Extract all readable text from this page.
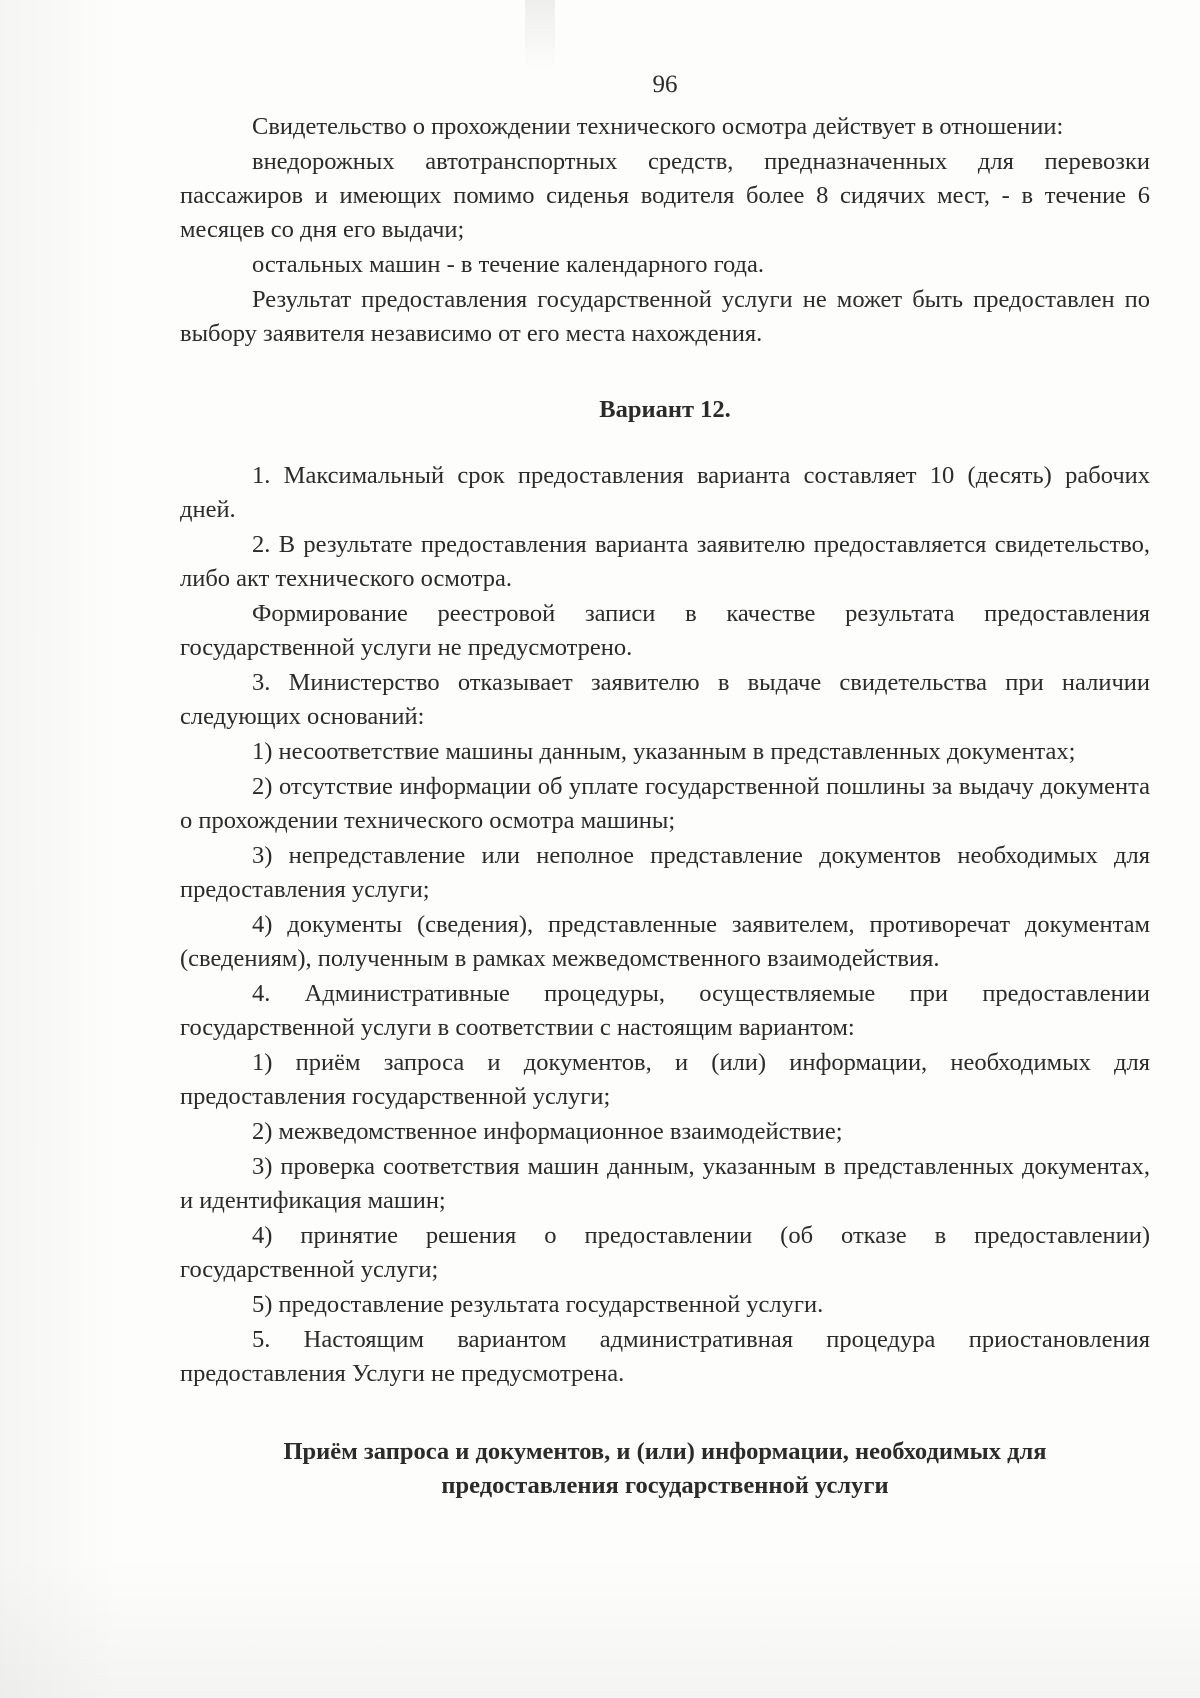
96

Свидетельство о прохождении технического осмотра действует в отношении:

внедорожных автотранспортных средств, предназначенных для перевозки пассажиров и имеющих помимо сиденья водителя более 8 сидячих мест, - в течение 6 месяцев со дня его выдачи;

остальных машин - в течение календарного года.

Результат предоставления государственной услуги не может быть предоставлен по выбору заявителя независимо от его места нахождения.

Вариант 12.

1. Максимальный срок предоставления варианта составляет 10 (десять) рабочих дней.

2. В результате предоставления варианта заявителю предоставляется свидетельство, либо акт технического осмотра.

Формирование реестровой записи в качестве результата предоставления государственной услуги не предусмотрено.

3. Министерство отказывает заявителю в выдаче свидетельства при наличии следующих оснований:

1) несоответствие машины данным, указанным в представленных документах;

2) отсутствие информации об уплате государственной пошлины за выдачу документа о прохождении технического осмотра машины;

3) непредставление или неполное представление документов необходимых для предоставления услуги;

4) документы (сведения), представленные заявителем, противоречат документам (сведениям), полученным в рамках межведомственного взаимодействия.

4. Административные процедуры, осуществляемые при предоставлении государственной услуги в соответствии с настоящим вариантом:

1) приём запроса и документов, и (или) информации, необходимых для предоставления государственной услуги;

2) межведомственное информационное взаимодействие;

3) проверка соответствия машин данным, указанным в представленных документах, и идентификация машин;

4) принятие решения о предоставлении (об отказе в предоставлении) государственной услуги;

5) предоставление результата государственной услуги.

5. Настоящим вариантом административная процедура приостановления предоставления Услуги не предусмотрена.

Приём запроса и документов, и (или) информации, необходимых для предоставления государственной услуги
